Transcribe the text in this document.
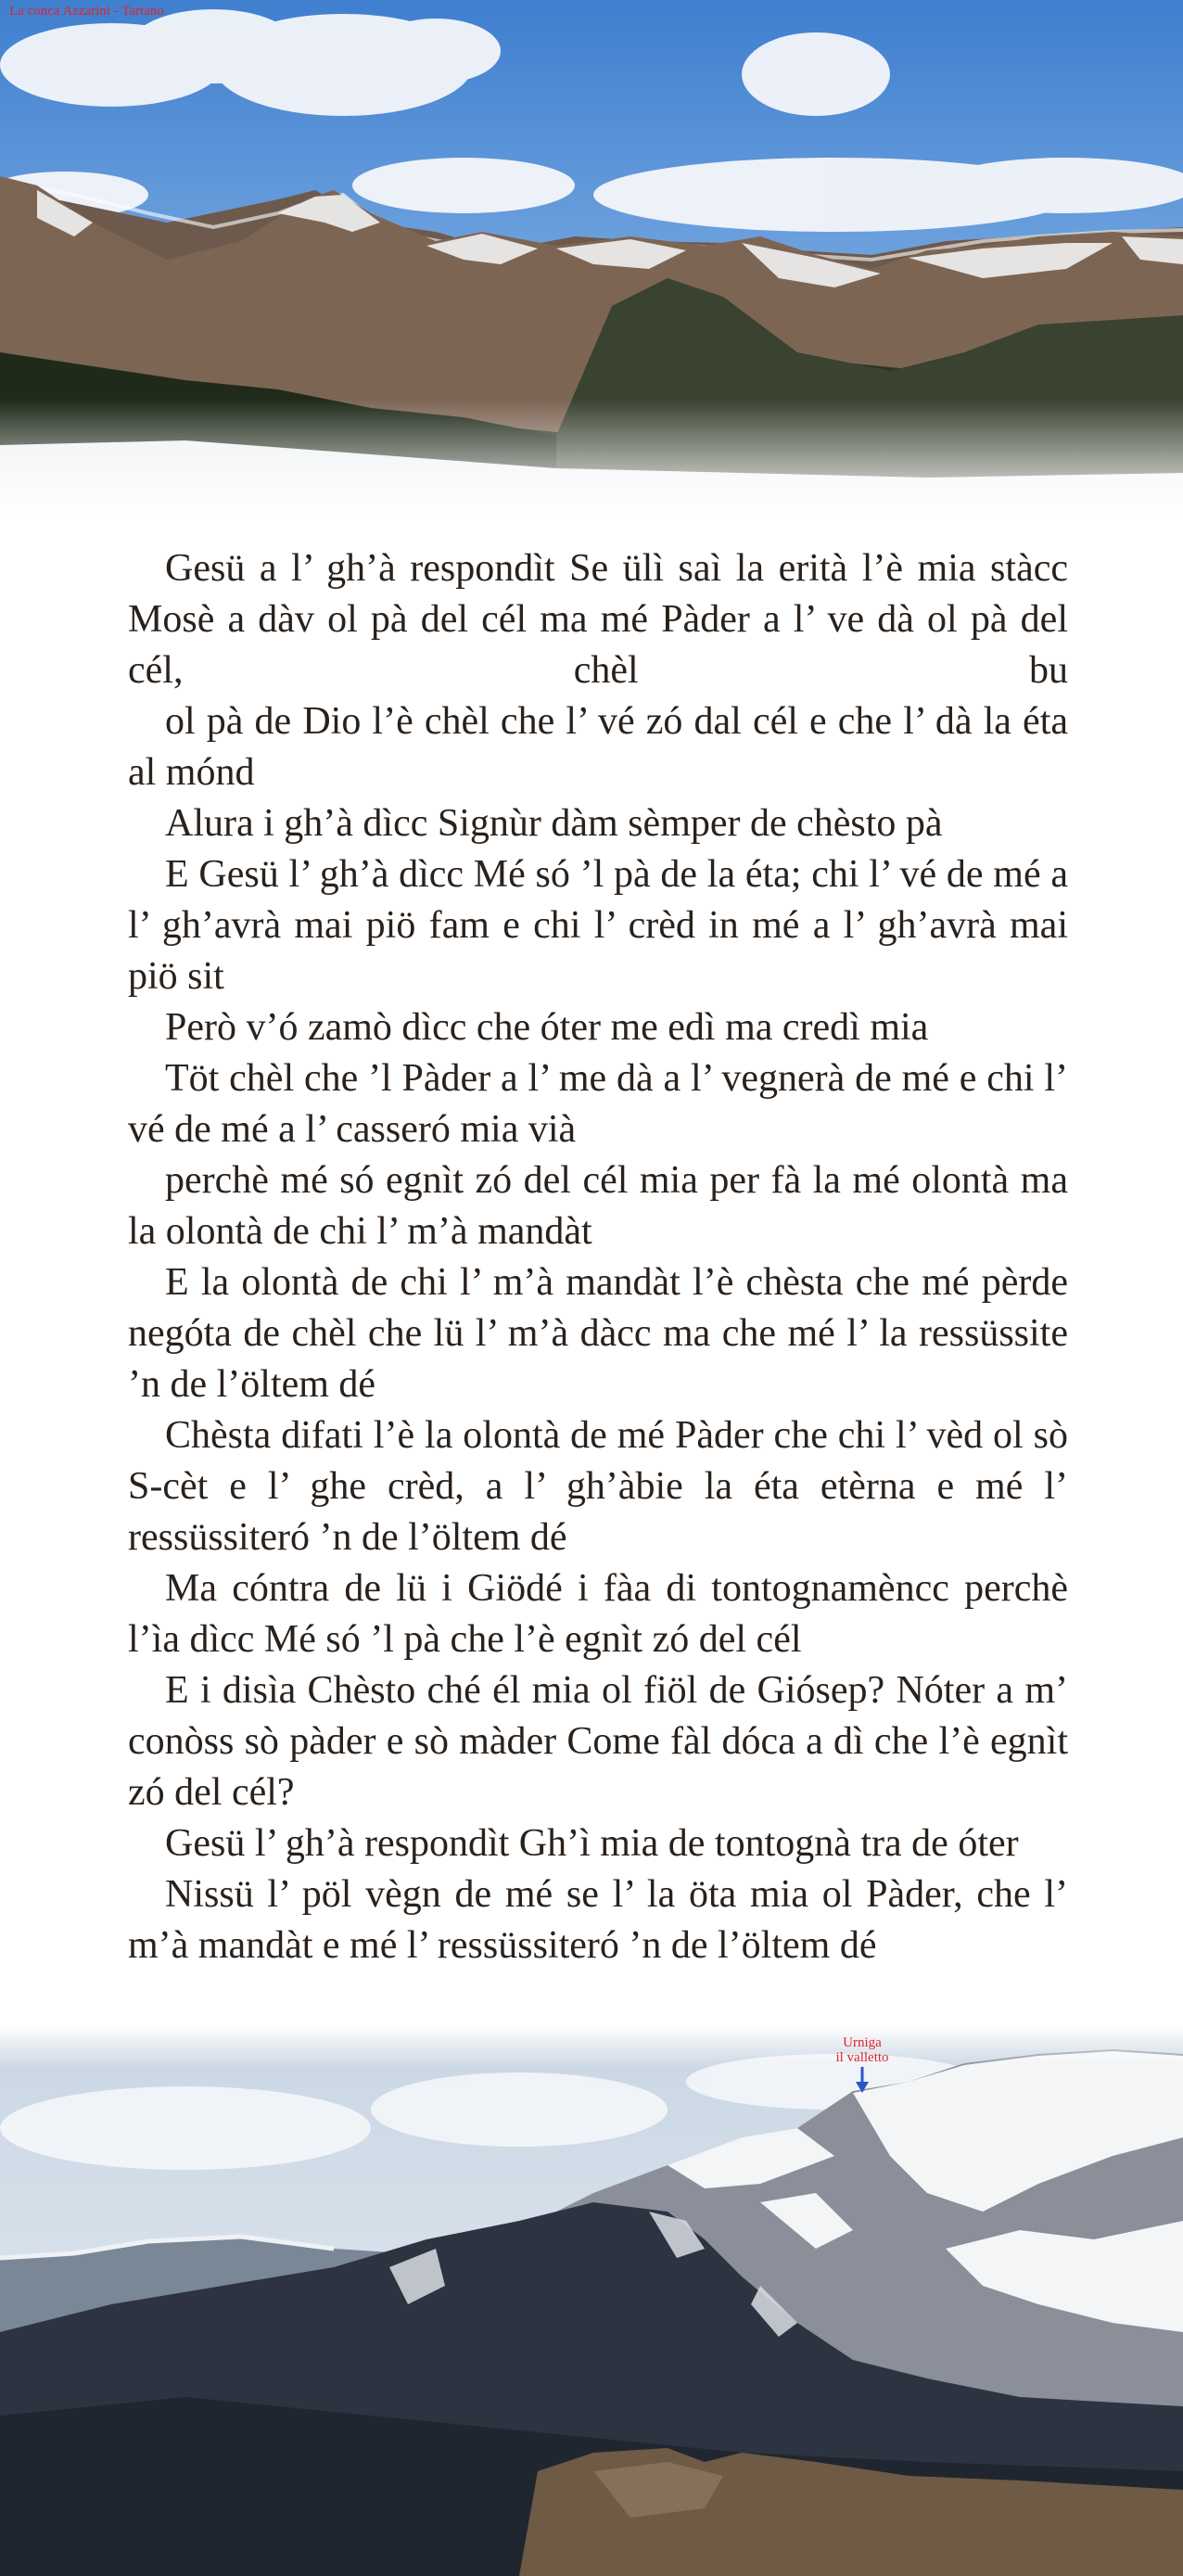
La conca Azzarini - Tartano

Gesü a l’ gh’à respondìt Se ülì saì la erità l’è mia stàcc Mosè a dàv ol pà del cél ma mé Pàder a l’ ve dà ol pà del cél, chèl bu

ol pà de Dio l’è chèl che l’ vé zó dal cél e che l’ dà la éta al mónd

Alura i gh’à dìcc Signùr dàm sèmper de chèsto pà

E Gesü l’ gh’à dìcc Mé só ’l pà de la éta; chi l’ vé de mé a l’ gh’avrà mai piö fam e chi l’ crèd in mé a l’ gh’avrà mai piö sit

Però v’ó zamò dìcc che óter me edì ma credì mia

Töt chèl che ’l Pàder a l’ me dà a l’ vegnerà de mé e chi l’ vé de mé a l’ casseró mia vià

perchè mé só egnìt zó del cél mia per fà la mé olontà ma la olontà de chi l’ m’à mandàt

E la olontà de chi l’ m’à mandàt l’è chèsta che mé pèrde negóta de chèl che lü l’ m’à dàcc ma che mé l’ la ressüssite ’n de l’öltem dé

Chèsta difati l’è la olontà de mé Pàder che chi l’ vèd ol sò S-cèt e l’ ghe crèd, a l’ gh’àbie la éta etèrna e mé l’ ressüssiteró ’n de l’öltem dé

Ma cóntra de lü i Giödé i fàa di tontognamèncc perchè l’ìa dìcc Mé só ’l pà che l’è egnìt zó del cél

E i disìa Chèsto ché él mia ol fiöl de Giósep? Nóter a m’ conòss sò pàder e sò màder Come fàl dóca a dì che l’è egnìt zó del cél?

Gesü l’ gh’à respondìt Gh’ì mia de tontognà tra de óter

Nissü l’ pöl vègn de mé se l’ la öta mia ol Pàder, che l’ m’à mandàt e mé l’ ressüssiteró ’n de l’öltem dé

Urniga
il valletto
